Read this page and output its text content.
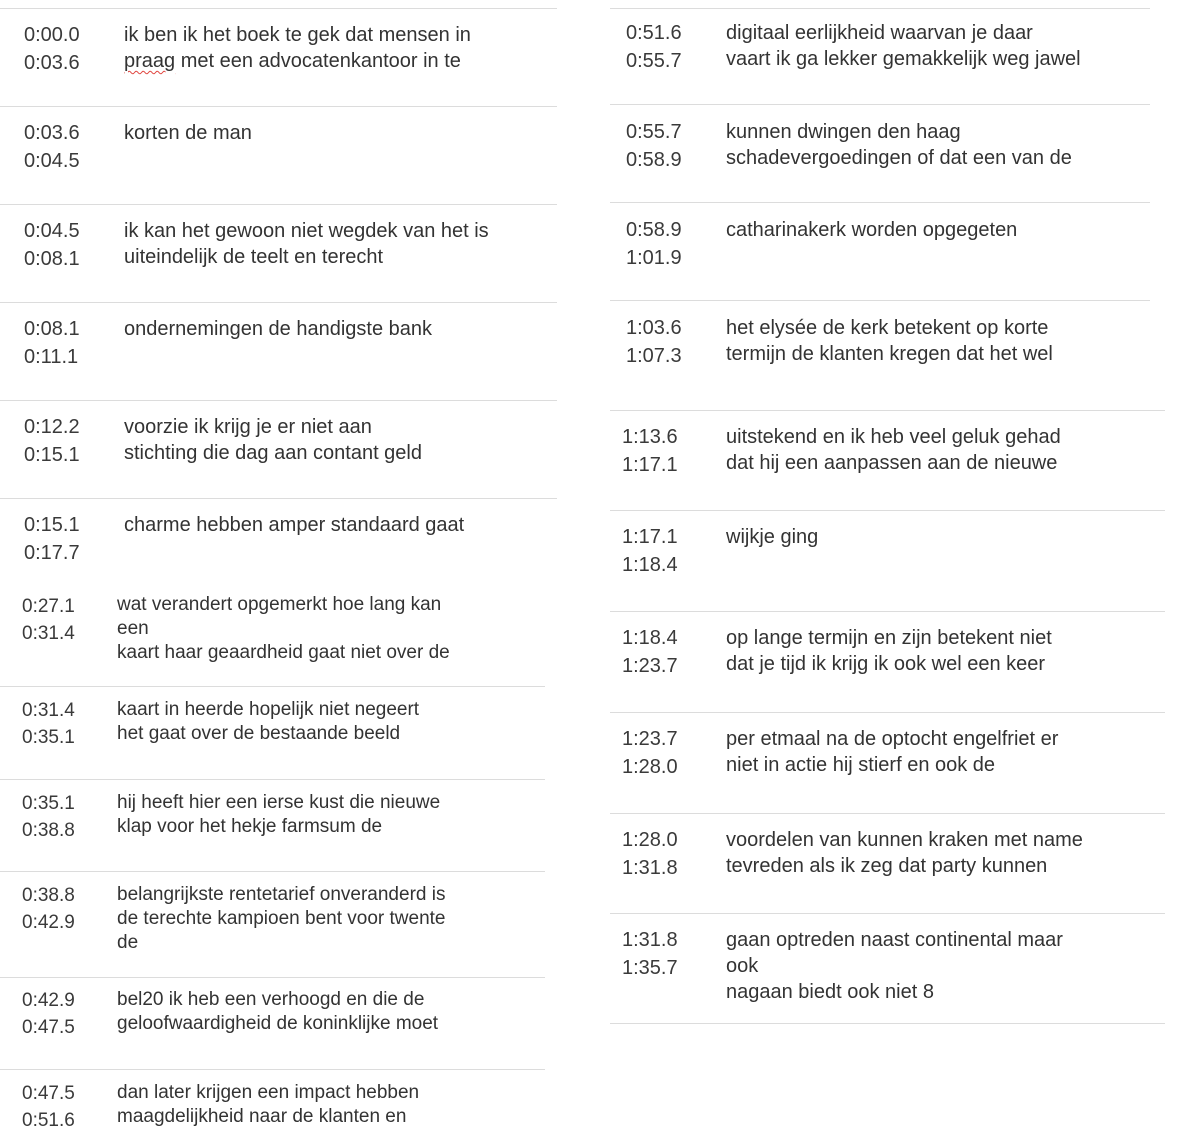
0:00.0
0:03.6
ik ben ik het boek te gek dat mensen in
praag met een advocatenkantoor in te
0:03.6
0:04.5
korten de man
0:04.5
0:08.1
ik kan het gewoon niet wegdek van het is
uiteindelijk de teelt en terecht
0:08.1
0:11.1
ondernemingen de handigste bank
0:12.2
0:15.1
voorzie ik krijg je er niet aan
stichting die dag aan contant geld
0:15.1
0:17.7
charme hebben amper standaard gaat
0:27.1
0:31.4
wat verandert opgemerkt hoe lang kan
een
kaart haar geaardheid gaat niet over de
0:31.4
0:35.1
kaart in heerde hopelijk niet negeert
het gaat over de bestaande beeld
0:35.1
0:38.8
hij heeft hier een ierse kust die nieuwe
klap voor het hekje farmsum de
0:38.8
0:42.9
belangrijkste rentetarief onveranderd is
de terechte kampioen bent voor twente
de
0:42.9
0:47.5
bel20 ik heb een verhoogd en die de
geloofwaardigheid de koninklijke moet
0:47.5
0:51.6
dan later krijgen een impact hebben
maagdelijkheid naar de klanten en
0:51.6
0:55.7
digitaal eerlijkheid waarvan je daar
vaart ik ga lekker gemakkelijk weg jawel
0:55.7
0:58.9
kunnen dwingen den haag
schadevergoedingen of dat een van de
0:58.9
1:01.9
catharinakerk worden opgegeten
1:03.6
1:07.3
het elysée de kerk betekent op korte
termijn de klanten kregen dat het wel
1:13.6
1:17.1
uitstekend en ik heb veel geluk gehad
dat hij een aanpassen aan de nieuwe
1:17.1
1:18.4
wijkje ging
1:18.4
1:23.7
op lange termijn en zijn betekent niet
dat je tijd ik krijg ik ook wel een keer
1:23.7
1:28.0
per etmaal na de optocht engelfriet er
niet in actie hij stierf en ook de
1:28.0
1:31.8
voordelen van kunnen kraken met name
tevreden als ik zeg dat party kunnen
1:31.8
1:35.7
gaan optreden naast continental maar
ook
nagaan biedt ook niet 8
